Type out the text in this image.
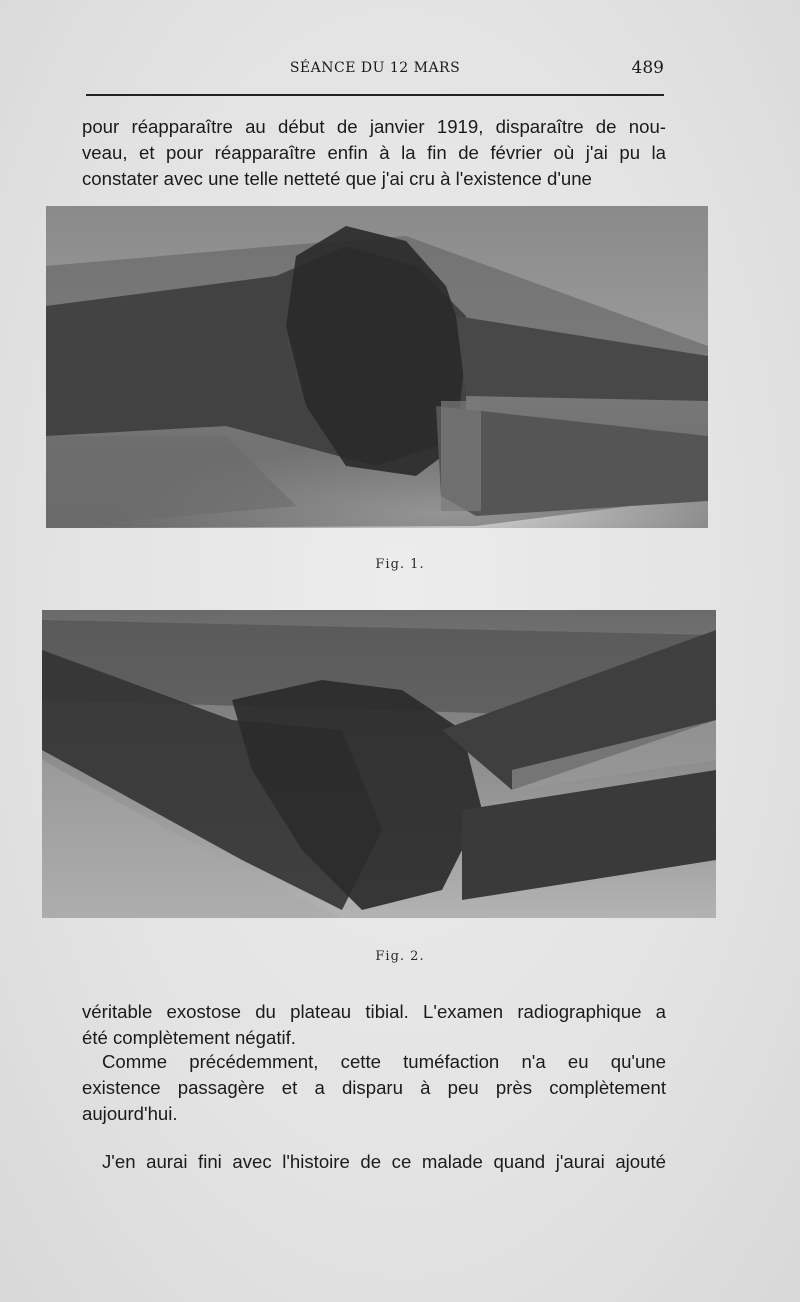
SÉANCE DU 12 MARS	489

pour réapparaître au début de janvier 1919, disparaître de nou-

veau, et pour réapparaître enfin à la fin de février où j'ai pu la

constater avec une telle netteté que j'ai cru à l'existence d'une

Fig. 1.
Fig. 2.

véritable exostose du plateau tibial. L'examen radiographique a

été complètement négatif.

Comme précédemment, cette tuméfaction n'a eu qu'une

existence passagère et a disparu à peu près complètement

aujourd'hui.

J'en aurai fini avec l'histoire de ce malade quand j'aurai ajouté
